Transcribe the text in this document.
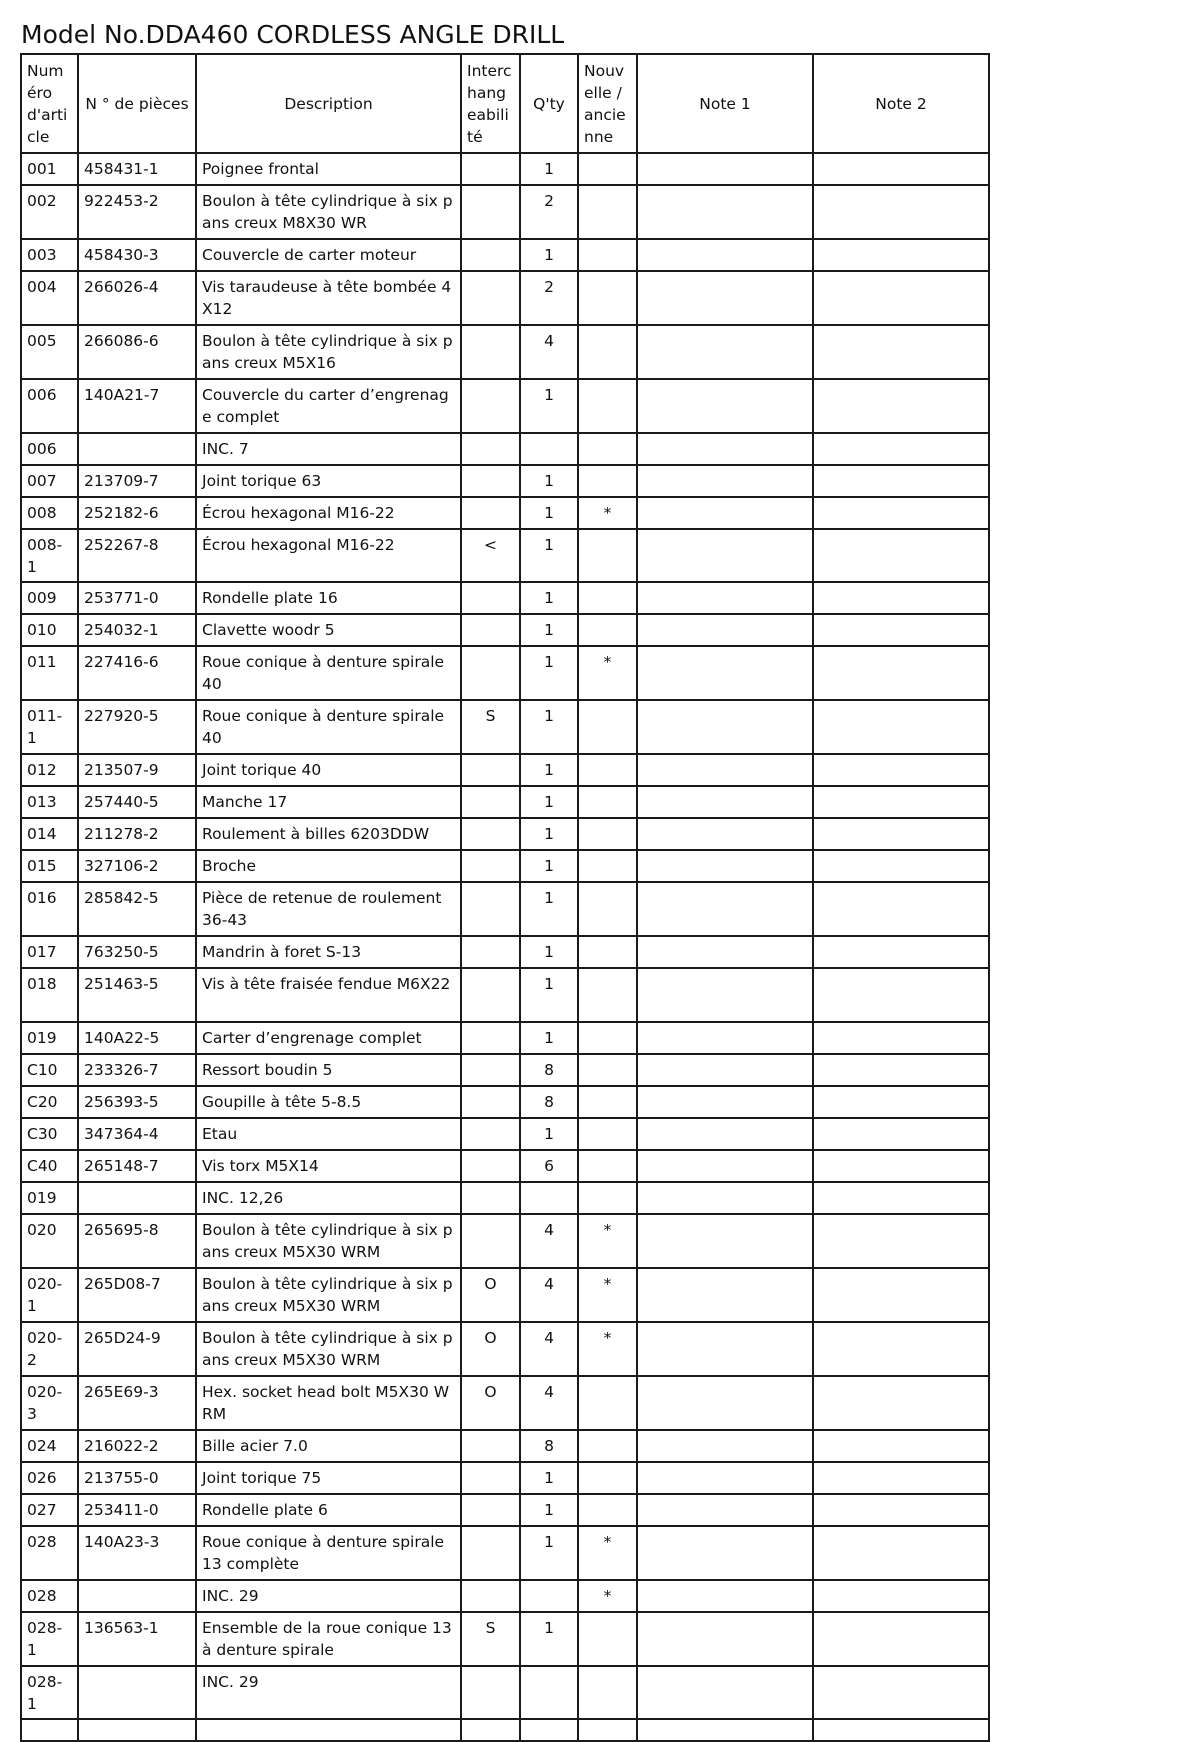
Model No.DDA460 CORDLESS ANGLE DRILL
Numéro d'article	N ° de pièces	Description	Interchangeabilité	Q'ty	Nouvelle / ancienne	Note 1	Note 2
001	458431-1	Poignee frontal		1			
002	922453-2	Boulon à tête cylindrique à six pans creux M8X30 WR		2			
003	458430-3	Couvercle de carter moteur		1			
004	266026-4	Vis taraudeuse à tête bombée 4X12		2			
005	266086-6	Boulon à tête cylindrique à six pans creux M5X16		4			
006	140A21-7	Couvercle du carter d’engrenage complet		1			
006		INC. 7					
007	213709-7	Joint torique 63		1			
008	252182-6	Écrou hexagonal M16-22		1	*		
008-1	252267-8	Écrou hexagonal M16-22	<	1			
009	253771-0	Rondelle plate 16		1			
010	254032-1	Clavette woodr 5		1			
011	227416-6	Roue conique à denture spirale 40		1	*		
011-1	227920-5	Roue conique à denture spirale 40	S	1			
012	213507-9	Joint torique 40		1			
013	257440-5	Manche 17		1			
014	211278-2	Roulement à billes 6203DDW		1			
015	327106-2	Broche		1			
016	285842-5	Pièce de retenue de roulement 36-43		1			
017	763250-5	Mandrin à foret S-13		1			
018	251463-5	Vis à tête fraisée fendue M6X22		1			
019	140A22-5	Carter d’engrenage complet		1			
C10	233326-7	Ressort boudin 5		8			
C20	256393-5	Goupille à tête 5-8.5		8			
C30	347364-4	Etau		1			
C40	265148-7	Vis torx M5X14		6			
019		INC. 12,26					
020	265695-8	Boulon à tête cylindrique à six pans creux M5X30 WRM		4	*		
020-1	265D08-7	Boulon à tête cylindrique à six pans creux M5X30 WRM	O	4	*		
020-2	265D24-9	Boulon à tête cylindrique à six pans creux M5X30 WRM	O	4	*		
020-3	265E69-3	Hex. socket head bolt M5X30 WRM	O	4			
024	216022-2	Bille acier 7.0		8			
026	213755-0	Joint torique 75		1			
027	253411-0	Rondelle plate 6		1			
028	140A23-3	Roue conique à denture spirale 13 complète		1	*		
028		INC. 29			*		
028-1	136563-1	Ensemble de la roue conique 13 à denture spirale	S	1			
028-1		INC. 29					
